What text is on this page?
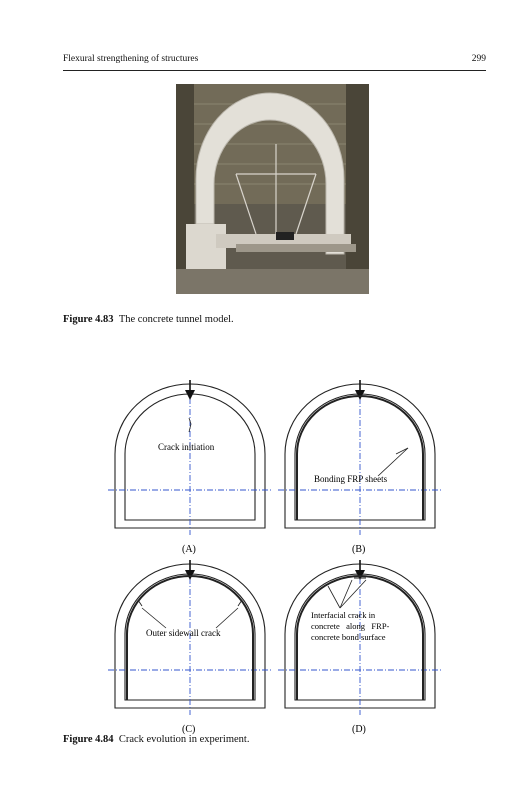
Flexural strengthening of structures	299
Figure 4.83 The concrete tunnel model.
Crack initiation
(A)
Bonding FRP sheets
(B)
Outer sidewall crack
(C)
Interfacial crack in
concrete   along   FRP-
concrete bond surface
(D)
Figure 4.84 Crack evolution in experiment.
